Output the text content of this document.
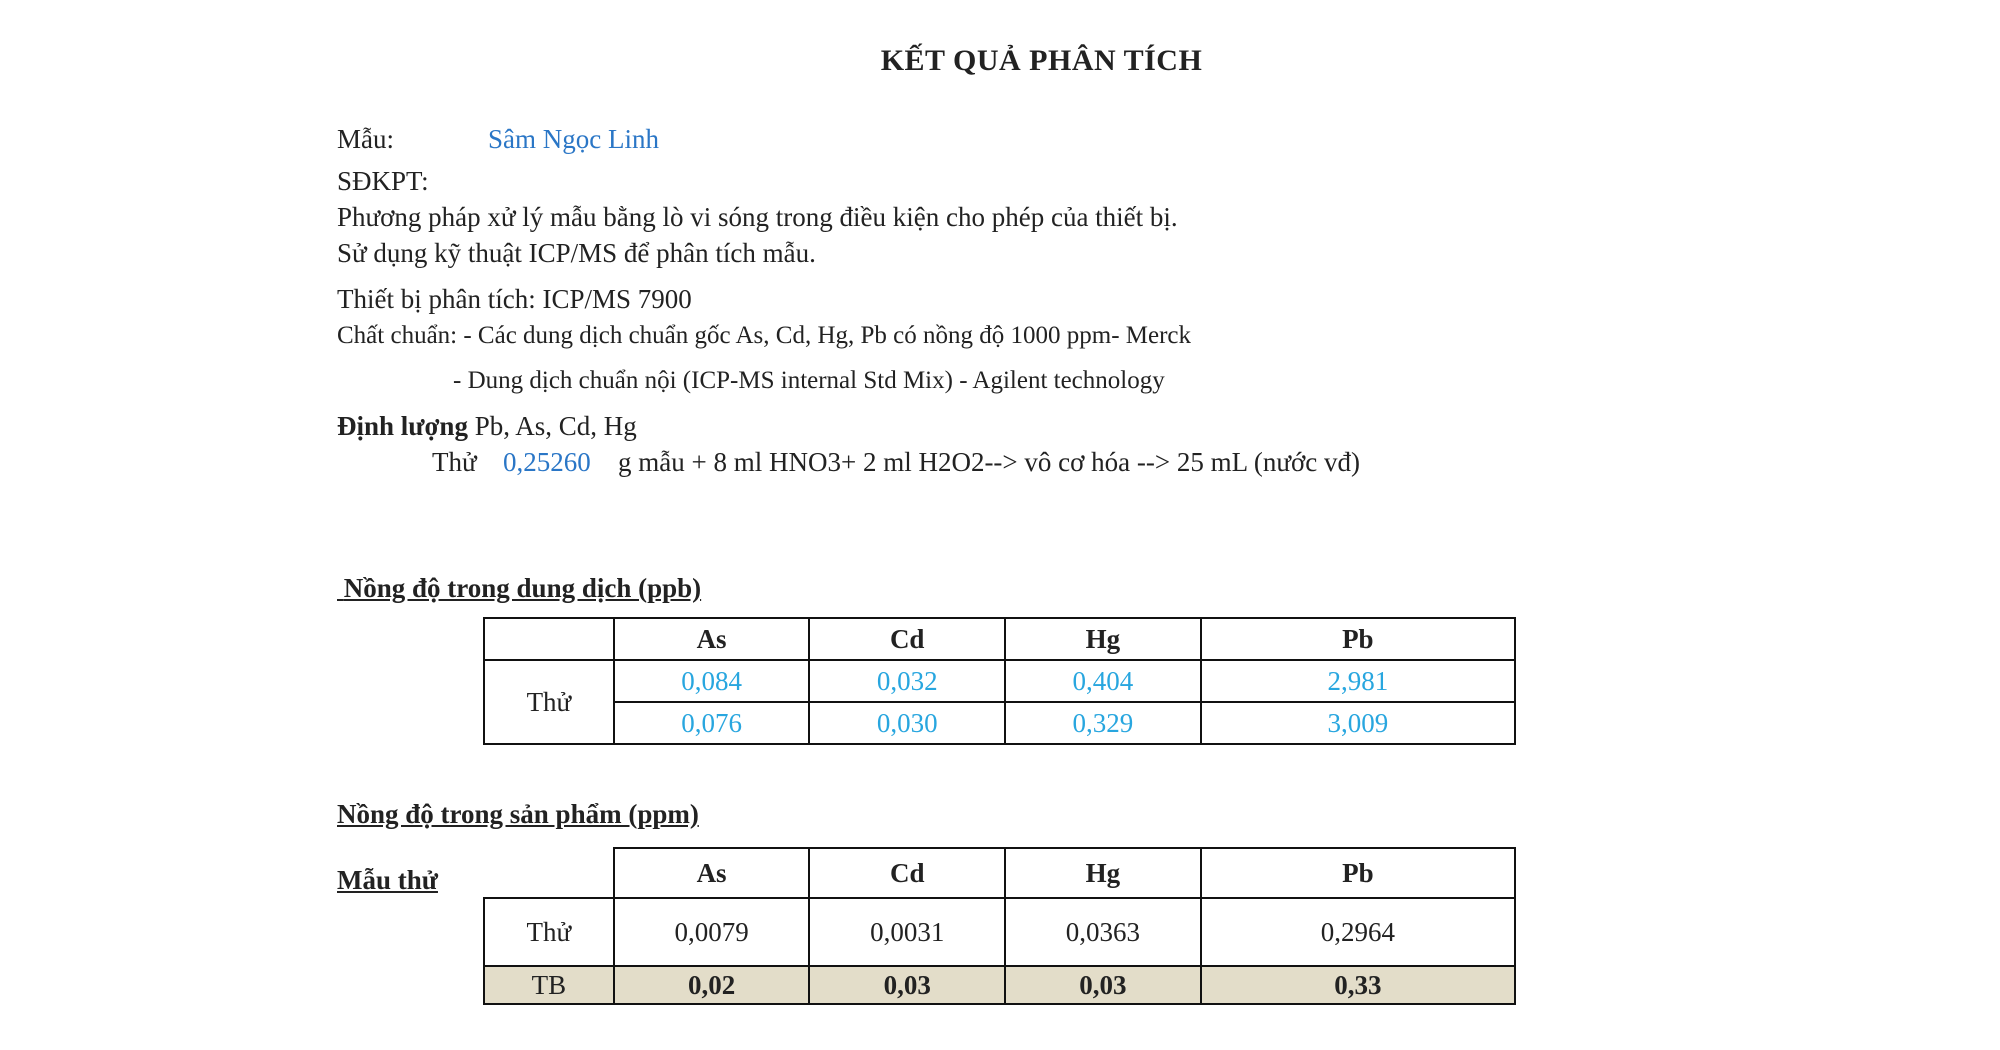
KẾT QUẢ PHÂN TÍCH
Mẫu:	Sâm Ngọc Linh
SĐKPT:
Phương pháp xử lý mẫu bằng lò vi sóng trong điều kiện cho phép của thiết bị.
Sử dụng kỹ thuật ICP/MS để phân tích mẫu.
Thiết bị phân tích: ICP/MS 7900
Chất chuẩn: - Các dung dịch chuẩn gốc As, Cd, Hg, Pb có nồng độ 1000 ppm- Merck
- Dung dịch chuẩn nội (ICP-MS internal Std Mix) - Agilent technology
Định lượng Pb, As, Cd, Hg
Thử 0,25260 g mẫu + 8 ml HNO3+ 2 ml H2O2--> vô cơ hóa --> 25 mL (nước vđ)
Nồng độ trong dung dịch (ppb)
	As	Cd	Hg	Pb
Thử	0,084	0,032	0,404	2,981
	0,076	0,030	0,329	3,009
Nồng độ trong sản phẩm (ppm)
Mẫu thử
		As	Cd	Hg	Pb
Thử	0,0079	0,0031	0,0363	0,2964
TB	0,02	0,03	0,03	0,33
